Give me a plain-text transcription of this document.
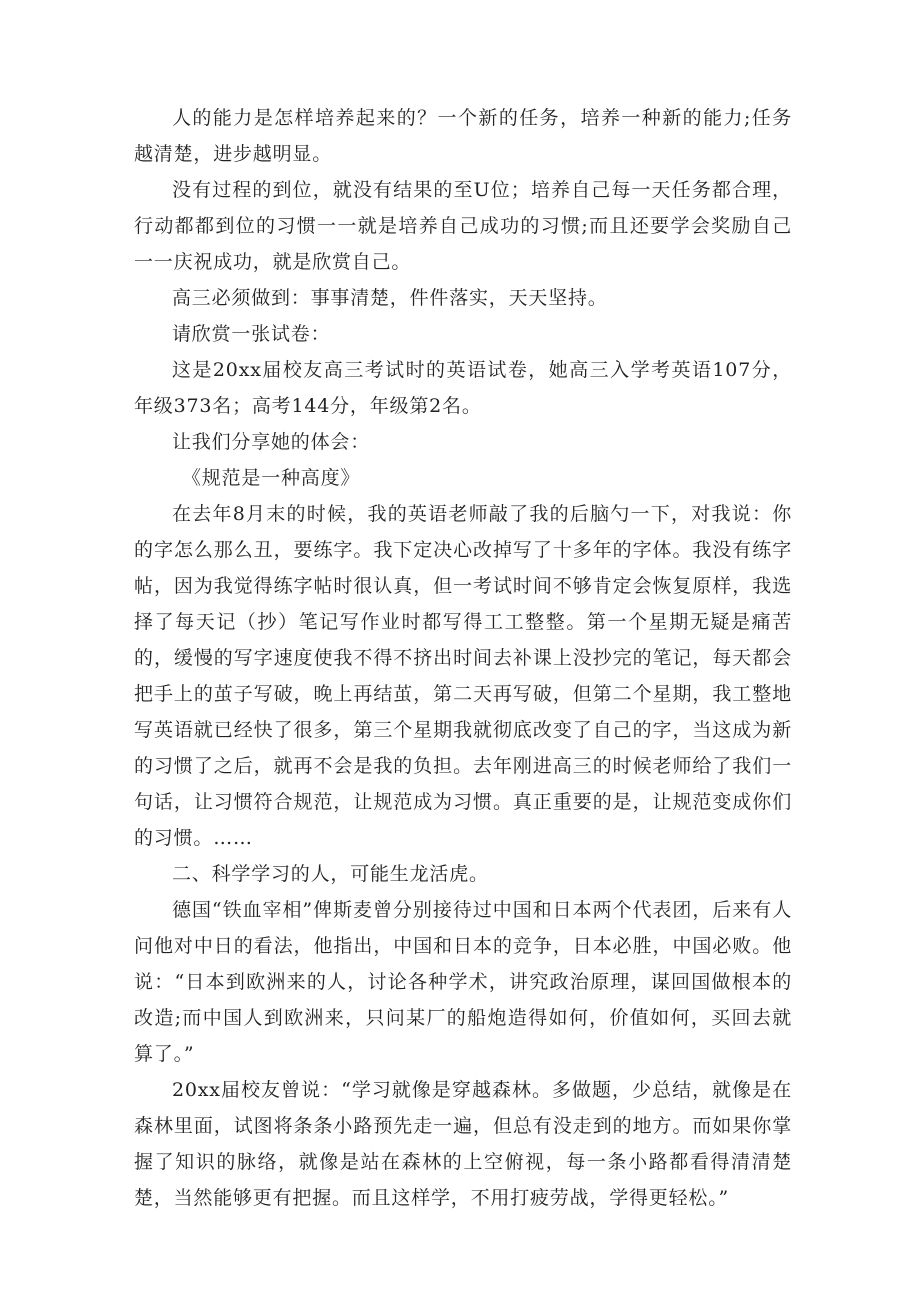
人的能力是怎样培养起来的？一个新的任务，培养一种新的能力;任务越清楚，进步越明显。

没有过程的到位，就没有结果的至U位；培养自己每一天任务都合理，行动都都到位的习惯一一就是培养自己成功的习惯;而且还要学会奖励自己一一庆祝成功，就是欣赏自己。

高三必须做到：事事清楚，件件落实，天天坚持。

请欣赏一张试卷：

这是20xx届校友高三考试时的英语试卷，她高三入学考英语107分，年级373名；高考144分，年级第2名。

让我们分享她的体会：

《规范是一种高度》

在去年8月末的时候，我的英语老师敲了我的后脑勺一下，对我说：你的字怎么那么丑，要练字。我下定决心改掉写了十多年的字体。我没有练字帖，因为我觉得练字帖时很认真，但一考试时间不够肯定会恢复原样，我选择了每天记（抄）笔记写作业时都写得工工整整。第一个星期无疑是痛苦的，缓慢的写字速度使我不得不挤出时间去补课上没抄完的笔记，每天都会把手上的茧子写破，晚上再结茧，第二天再写破，但第二个星期，我工整地写英语就已经快了很多，第三个星期我就彻底改变了自己的字，当这成为新的习惯了之后，就再不会是我的负担。去年刚进高三的时候老师给了我们一句话，让习惯符合规范，让规范成为习惯。真正重要的是，让规范变成你们的习惯。……

二、科学学习的人，可能生龙活虎。

德国“铁血宰相”俾斯麦曾分别接待过中国和日本两个代表团，后来有人问他对中日的看法，他指出，中国和日本的竞争，日本必胜，中国必败。他说：“日本到欧洲来的人，讨论各种学术，讲究政治原理，谋回国做根本的改造;而中国人到欧洲来，只问某厂的船炮造得如何，价值如何，买回去就算了。”

20xx届校友曾说：“学习就像是穿越森林。多做题，少总结，就像是在森林里面，试图将条条小路预先走一遍，但总有没走到的地方。而如果你掌握了知识的脉络，就像是站在森林的上空俯视，每一条小路都看得清清楚楚，当然能够更有把握。而且这样学，不用打疲劳战，学得更轻松。”
